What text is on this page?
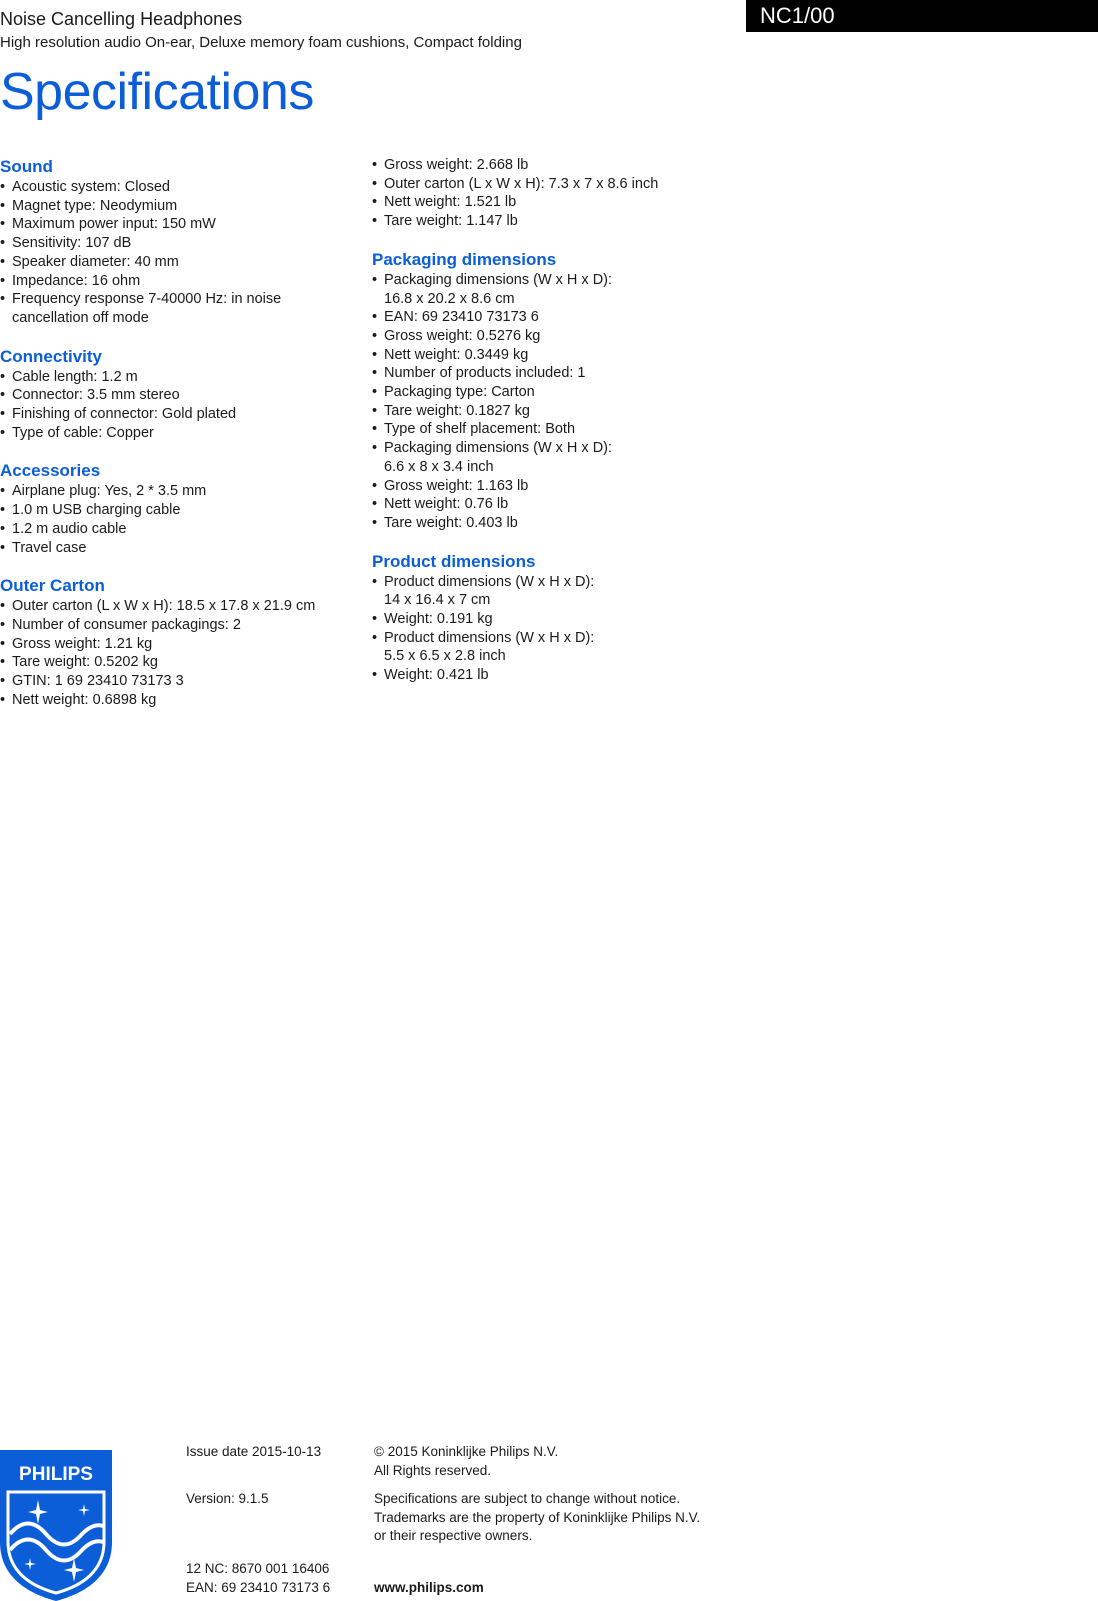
Noise Cancelling Headphones
High resolution audio On-ear, Deluxe memory foam cushions, Compact folding
NC1/00
Specifications
Sound
• Acoustic system: Closed
• Magnet type: Neodymium
• Maximum power input: 150 mW
• Sensitivity: 107 dB
• Speaker diameter: 40 mm
• Impedance: 16 ohm
• Frequency response 7-40000 Hz: in noise
cancellation off mode
Connectivity
• Cable length: 1.2 m
• Connector: 3.5 mm stereo
• Finishing of connector: Gold plated
• Type of cable: Copper
Accessories
• Airplane plug: Yes, 2 * 3.5 mm
• 1.0 m USB charging cable
• 1.2 m audio cable
• Travel case
Outer Carton
• Outer carton (L x W x H): 18.5 x 17.8 x 21.9 cm
• Number of consumer packagings: 2
• Gross weight: 1.21 kg
• Tare weight: 0.5202 kg
• GTIN: 1 69 23410 73173 3
• Nett weight: 0.6898 kg
• Gross weight: 2.668 lb
• Outer carton (L x W x H): 7.3 x 7 x 8.6 inch
• Nett weight: 1.521 lb
• Tare weight: 1.147 lb
Packaging dimensions
• Packaging dimensions (W x H x D):
16.8 x 20.2 x 8.6 cm
• EAN: 69 23410 73173 6
• Gross weight: 0.5276 kg
• Nett weight: 0.3449 kg
• Number of products included: 1
• Packaging type: Carton
• Tare weight: 0.1827 kg
• Type of shelf placement: Both
• Packaging dimensions (W x H x D):
6.6 x 8 x 3.4 inch
• Gross weight: 1.163 lb
• Nett weight: 0.76 lb
• Tare weight: 0.403 lb
Product dimensions
• Product dimensions (W x H x D):
14 x 16.4 x 7 cm
• Weight: 0.191 kg
• Product dimensions (W x H x D):
5.5 x 6.5 x 2.8 inch
• Weight: 0.421 lb
PHILIPS
Issue date 2015-10-13
Version: 9.1.5
12 NC: 8670 001 16406
EAN: 69 23410 73173 6
© 2015 Koninklijke Philips N.V.
All Rights reserved.
Specifications are subject to change without notice.
Trademarks are the property of Koninklijke Philips N.V.
or their respective owners.
www.philips.com
